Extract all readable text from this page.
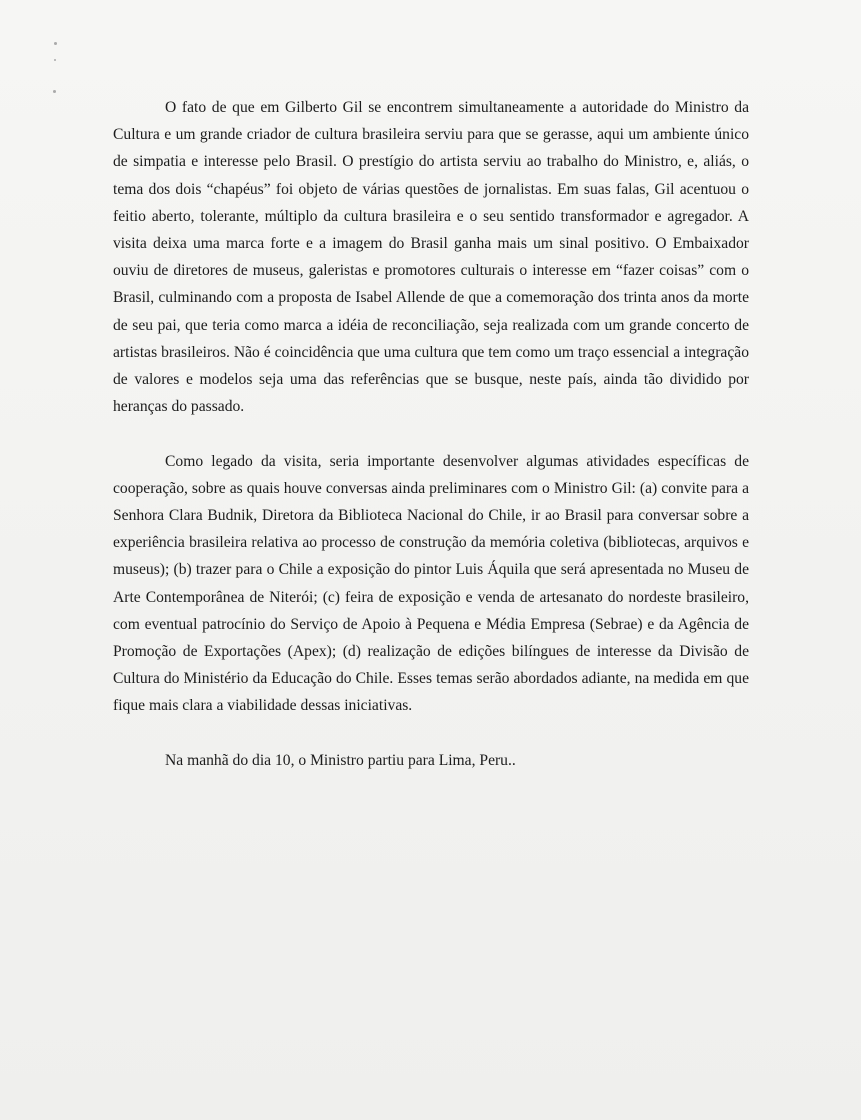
O fato de que em Gilberto Gil se encontrem simultaneamente a autoridade do Ministro da Cultura e um grande criador de cultura brasileira serviu para que se gerasse, aqui um ambiente único de simpatia e interesse pelo Brasil. O prestígio do artista serviu ao trabalho do Ministro, e, aliás, o tema dos dois “chapéus” foi objeto de várias questões de jornalistas. Em suas falas, Gil acentuou o feitio aberto, tolerante, múltiplo da cultura brasileira e o seu sentido transformador e agregador. A visita deixa uma marca forte e a imagem do Brasil ganha mais um sinal positivo. O Embaixador ouviu de diretores de museus, galeristas e promotores culturais o interesse em “fazer coisas” com o Brasil, culminando com a proposta de Isabel Allende de que a comemoração dos trinta anos da morte de seu pai, que teria como marca a idéia de reconciliação, seja realizada com um grande concerto de artistas brasileiros. Não é coincidência que uma cultura que tem como um traço essencial a integração de valores e modelos seja uma das referências que se busque, neste país, ainda tão dividido por heranças do passado.

Como legado da visita, seria importante desenvolver algumas atividades específicas de cooperação, sobre as quais houve conversas ainda preliminares com o Ministro Gil: (a) convite para a Senhora Clara Budnik, Diretora da Biblioteca Nacional do Chile, ir ao Brasil para conversar sobre a experiência brasileira relativa ao processo de construção da memória coletiva (bibliotecas, arquivos e museus); (b) trazer para o Chile a exposição do pintor Luis Áquila que será apresentada no Museu de Arte Contemporânea de Niterói; (c) feira de exposição e venda de artesanato do nordeste brasileiro, com eventual patrocínio do Serviço de Apoio à Pequena e Média Empresa (Sebrae) e da Agência de Promoção de Exportações (Apex); (d) realização de edições bilíngues de interesse da Divisão de Cultura do Ministério da Educação do Chile. Esses temas serão abordados adiante, na medida em que fique mais clara a viabilidade dessas iniciativas.

Na manhã do dia 10, o Ministro partiu para Lima, Peru..
